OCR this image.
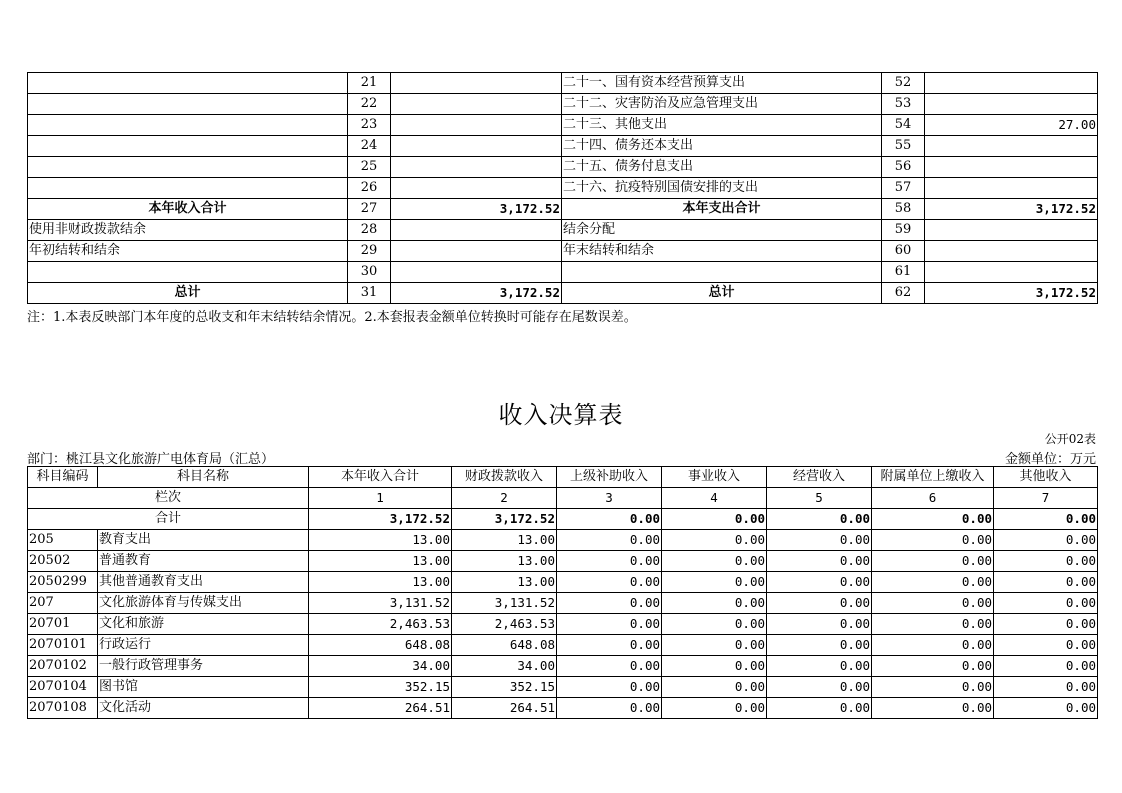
	21		二十一、国有资本经营预算支出	52	
	22		二十二、灾害防治及应急管理支出	53	
	23		二十三、其他支出	54	27.00
	24		二十四、债务还本支出	55	
	25		二十五、债务付息支出	56	
	26		二十六、抗疫特别国债安排的支出	57	
本年收入合计	27	3,172.52	本年支出合计	58	3,172.52
使用非财政拨款结余	28		结余分配	59	
年初结转和结余	29		年末结转和结余	60	
	30			61	
总计	31	3,172.52	总计	62	3,172.52
注：1.本表反映部门本年度的总收支和年末结转结余情况。2.本套报表金额单位转换时可能存在尾数误差。
收入决算表
公开02表
部门：桃江县文化旅游广电体育局（汇总）	金额单位：万元
科目编码	科目名称	本年收入合计	财政拨款收入	上级补助收入	事业收入	经营收入	附属单位上缴收入	其他收入
栏次		1	2	3	4	5	6	7
合计		3,172.52	3,172.52	0.00	0.00	0.00	0.00	0.00
205	教育支出	13.00	13.00	0.00	0.00	0.00	0.00	0.00
20502	普通教育	13.00	13.00	0.00	0.00	0.00	0.00	0.00
2050299	其他普通教育支出	13.00	13.00	0.00	0.00	0.00	0.00	0.00
207	文化旅游体育与传媒支出	3,131.52	3,131.52	0.00	0.00	0.00	0.00	0.00
20701	文化和旅游	2,463.53	2,463.53	0.00	0.00	0.00	0.00	0.00
2070101	行政运行	648.08	648.08	0.00	0.00	0.00	0.00	0.00
2070102	一般行政管理事务	34.00	34.00	0.00	0.00	0.00	0.00	0.00
2070104	图书馆	352.15	352.15	0.00	0.00	0.00	0.00	0.00
2070108	文化活动	264.51	264.51	0.00	0.00	0.00	0.00	0.00
